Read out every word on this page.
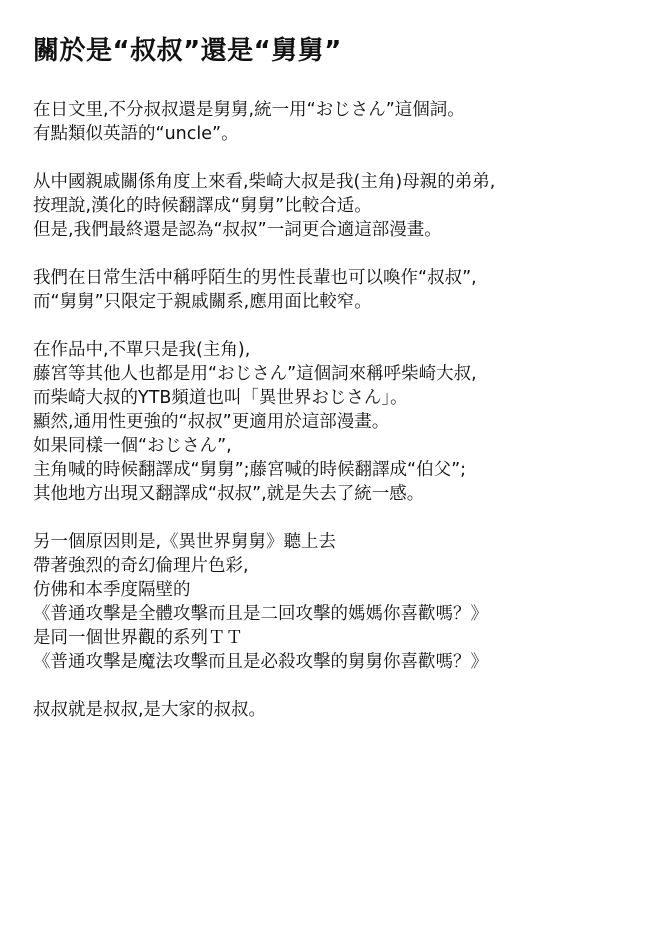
關於是“叔叔”還是“舅舅”
在日文里,不分叔叔還是舅舅,統一用“おじさん”這個詞。
有點類似英語的“uncle”。
从中國親戚關係角度上來看,柴崎大叔是我(主角)母親的弟弟,
按理說,漢化的時候翻譯成“舅舅”比較合适。
但是,我們最終還是認為“叔叔”一詞更合適這部漫畫。
我們在日常生活中稱呼陌生的男性長輩也可以喚作“叔叔”,
而“舅舅”只限定于親戚關系,應用面比較窄。
在作品中,不單只是我(主角),
藤宮等其他人也都是用“おじさん”這個詞來稱呼柴崎大叔,
而柴崎大叔的YTB頻道也叫「異世界おじさん」。
顯然,通用性更強的“叔叔”更適用於這部漫畫。
如果同樣一個“おじさん”,
主角喊的時候翻譯成“舅舅”;藤宮喊的時候翻譯成“伯父”;
其他地方出現又翻譯成“叔叔”,就是失去了統一感。
另一個原因則是,《異世界舅舅》聽上去
帶著強烈的奇幻倫理片色彩,
仿佛和本季度隔壁的
《普通攻擊是全體攻擊而且是二回攻擊的媽媽你喜歡嗎？》
是同一個世界觀的系列ＴＴ
《普通攻擊是魔法攻擊而且是必殺攻擊的舅舅你喜歡嗎？》
叔叔就是叔叔,是大家的叔叔。
